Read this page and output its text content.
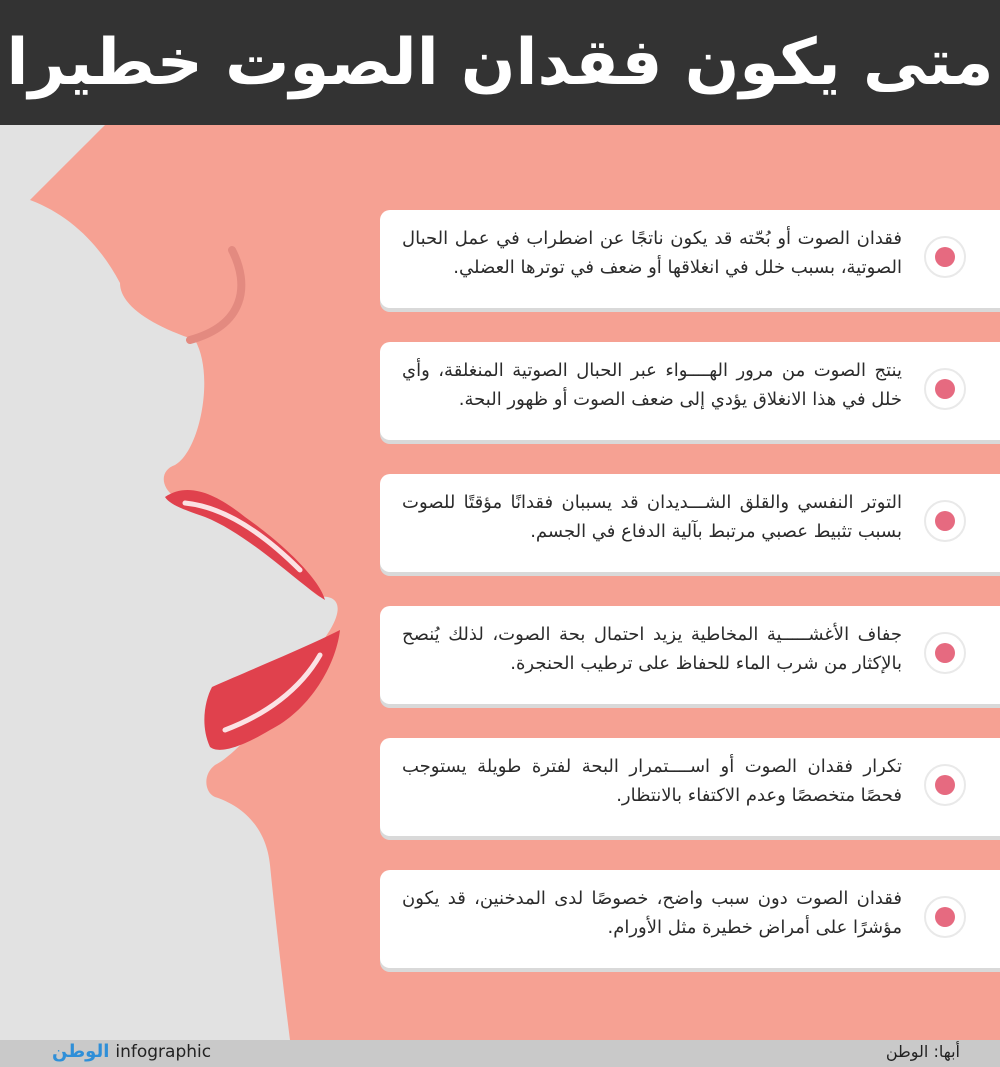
متى يكون فقدان الصوت خطيرا
فقدان الصوت أو بُحّته قد يكون ناتجًا عن اضطراب في عمل الحبال الصوتية، بسبب خلل في انغلاقها أو ضعف في توترها العضلي.
ينتج الصوت من مرور الهــــواء عبر الحبال الصوتية المنغلقة، وأي خلل في هذا الانغلاق يؤدي إلى ضعف الصوت أو ظهور البحة.
التوتر النفسي والقلق الشـــديدان قد يسببان فقدانًا مؤقتًا للصوت بسبب تثبيط عصبي مرتبط بآلية الدفاع في الجسم.
جفاف الأغشـــــية المخاطية يزيد احتمال بحة الصوت، لذلك يُنصح بالإكثار من شرب الماء للحفاظ على ترطيب الحنجرة.
تكرار فقدان الصوت أو اســــتمرار البحة لفترة طويلة يستوجب فحصًا متخصصًا وعدم الاكتفاء بالانتظار.
فقدان الصوت دون سبب واضح، خصوصًا لدى المدخنين، قد يكون مؤشرًا على أمراض خطيرة مثل الأورام.
الوطن infographic	أبها: الوطن
